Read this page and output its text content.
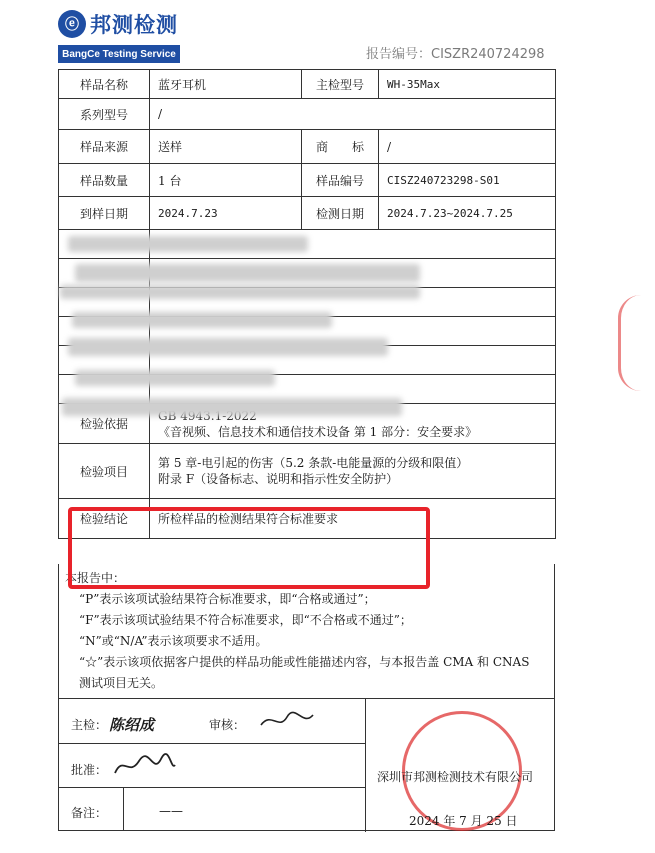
ⓔ 邦测检测
BangCe Testing Service	报告编号：CISZR240724298
样品名称	蓝牙耳机	主检型号	WH-35Max
系列型号	/		
样品来源	送样	商　　标	/
样品数量	1 台	样品编号	CISZ240723298-S01
到样日期	2024.7.23	检测日期	2024.7.23~2024.7.25

检验依据	《音视频、信息技术和通信技术设备 第 1 部分：安全要求》		

检验项目	第 5 章-电引起的伤害（5.2 条款-电能量源的分级和限值）
附录 F（设备标志、说明和指示性安全防护）		

检验结论	所检样品的检测结果符合标准要求		
本报告中：
“P”表示该项试验结果符合标准要求，即“合格或通过”；
“F”表示该项试验结果不符合标准要求，即“不合格或不通过”；
“N”或“N/A”表示该项要求不适用。
“☆”表示该项依据客户提供的样品功能或性能描述内容，与本报告盖 CMA 和 CNAS
测试项目无关。
主检： 陈绍成	审核：
批准：
备注：	——
深圳市邦测检测技术有限公司
2024 年 7 月 25 日
